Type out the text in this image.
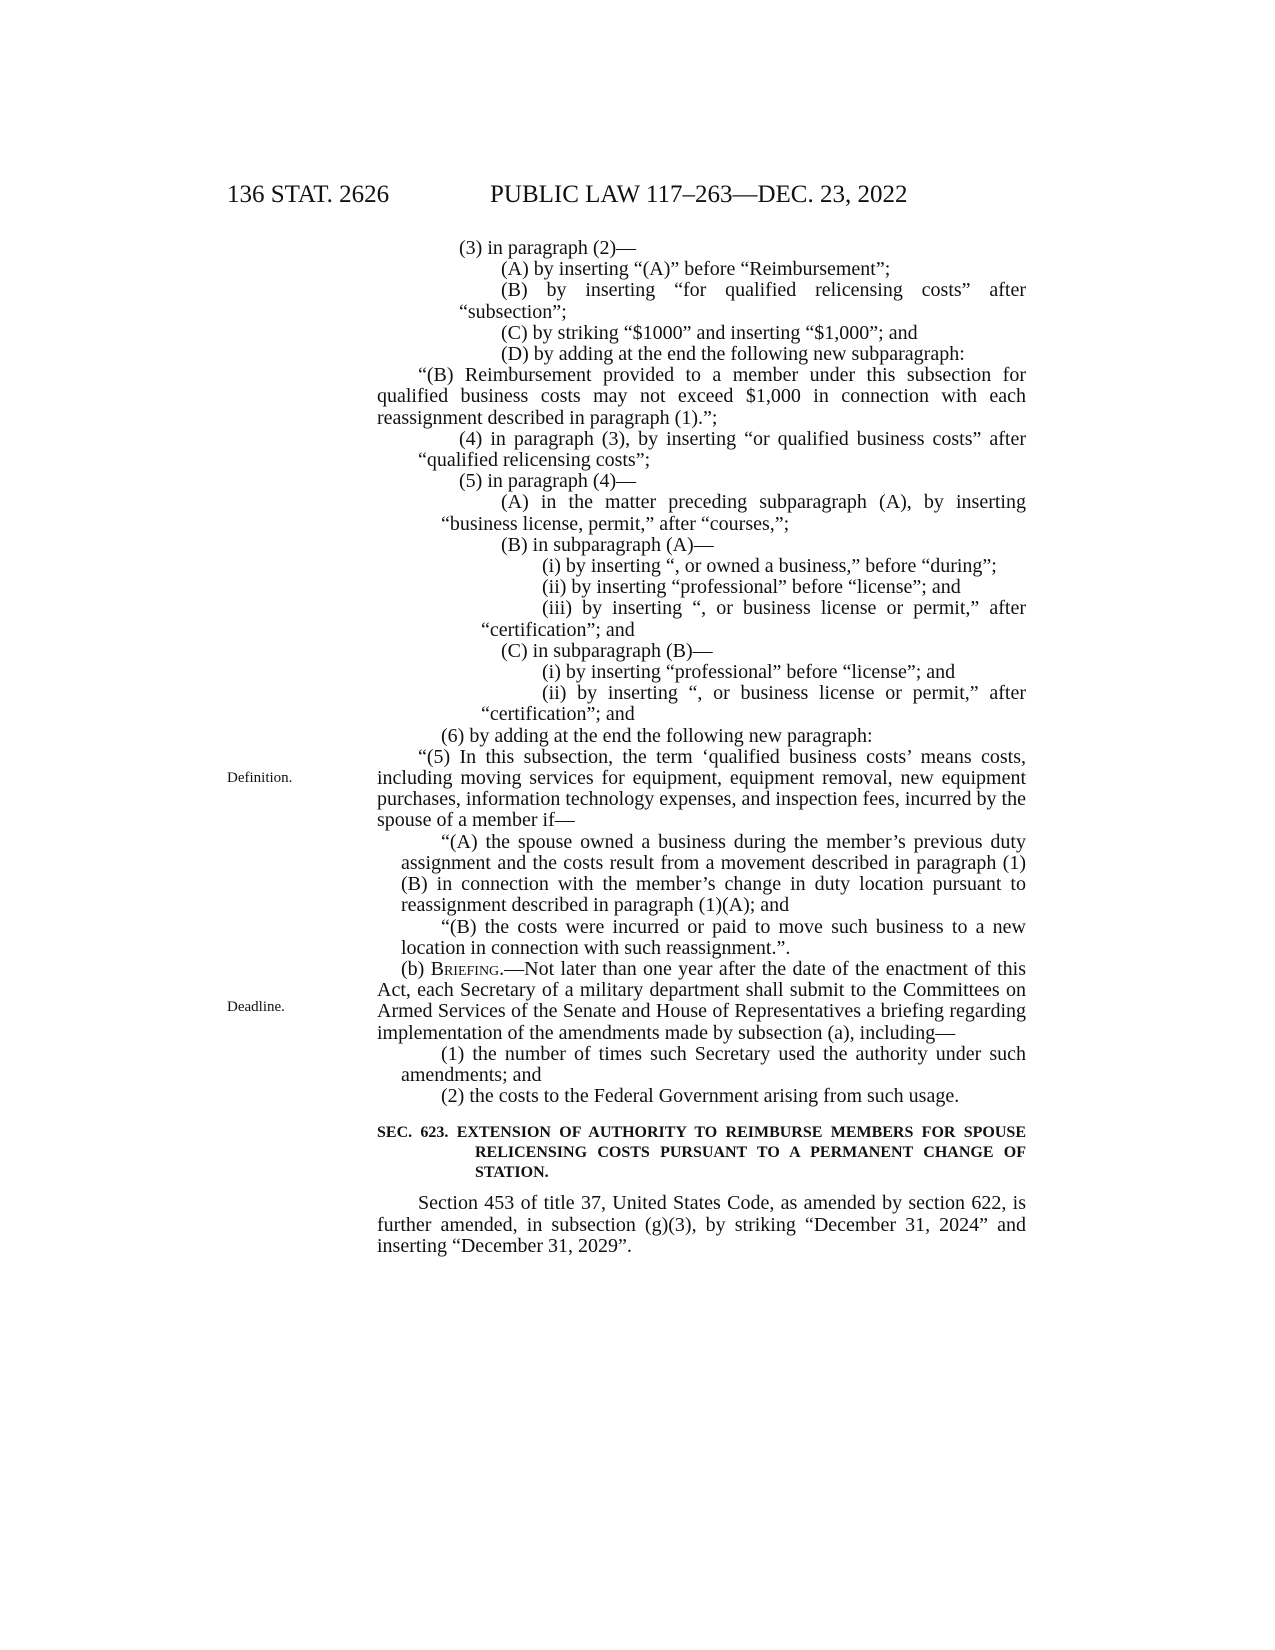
136 STAT. 2626	PUBLIC LAW 117–263—DEC. 23, 2022
Definition.
Deadline.

(3) in paragraph (2)—

(A) by inserting “(A)” before “Reimbursement”;

(B) by inserting “for qualified relicensing costs” after “subsection”;

(C) by striking “$1000” and inserting “$1,000”; and

(D) by adding at the end the following new subparagraph:

“(B) Reimbursement provided to a member under this subsection for qualified business costs may not exceed $1,000 in connection with each reassignment described in paragraph (1).”;

(4) in paragraph (3), by inserting “or qualified business costs” after “qualified relicensing costs”;

(5) in paragraph (4)—

(A) in the matter preceding subparagraph (A), by inserting “business license, permit,” after “courses,”;

(B) in subparagraph (A)—

(i) by inserting “, or owned a business,” before “during”;

(ii) by inserting “professional” before “license”; and

(iii) by inserting “, or business license or permit,” after “certification”; and

(C) in subparagraph (B)—

(i) by inserting “professional” before “license”; and

(ii) by inserting “, or business license or permit,” after “certification”; and

(6) by adding at the end the following new paragraph:

“(5) In this subsection, the term ‘qualified business costs’ means costs, including moving services for equipment, equipment removal, new equipment purchases, information technology expenses, and inspection fees, incurred by the spouse of a member if—

“(A) the spouse owned a business during the member’s previous duty assignment and the costs result from a movement described in paragraph (1)(B) in connection with the member’s change in duty location pursuant to reassignment described in paragraph (1)(A); and

“(B) the costs were incurred or paid to move such business to a new location in connection with such reassignment.”.

(b) Briefing.—Not later than one year after the date of the enactment of this Act, each Secretary of a military department shall submit to the Committees on Armed Services of the Senate and House of Representatives a briefing regarding implementation of the amendments made by subsection (a), including—

(1) the number of times such Secretary used the authority under such amendments; and

(2) the costs to the Federal Government arising from such usage.

SEC. 623. EXTENSION OF AUTHORITY TO REIMBURSE MEMBERS FOR SPOUSE RELICENSING COSTS PURSUANT TO A PERMANENT CHANGE OF STATION.

Section 453 of title 37, United States Code, as amended by section 622, is further amended, in subsection (g)(3), by striking “December 31, 2024” and inserting “December 31, 2029”.
